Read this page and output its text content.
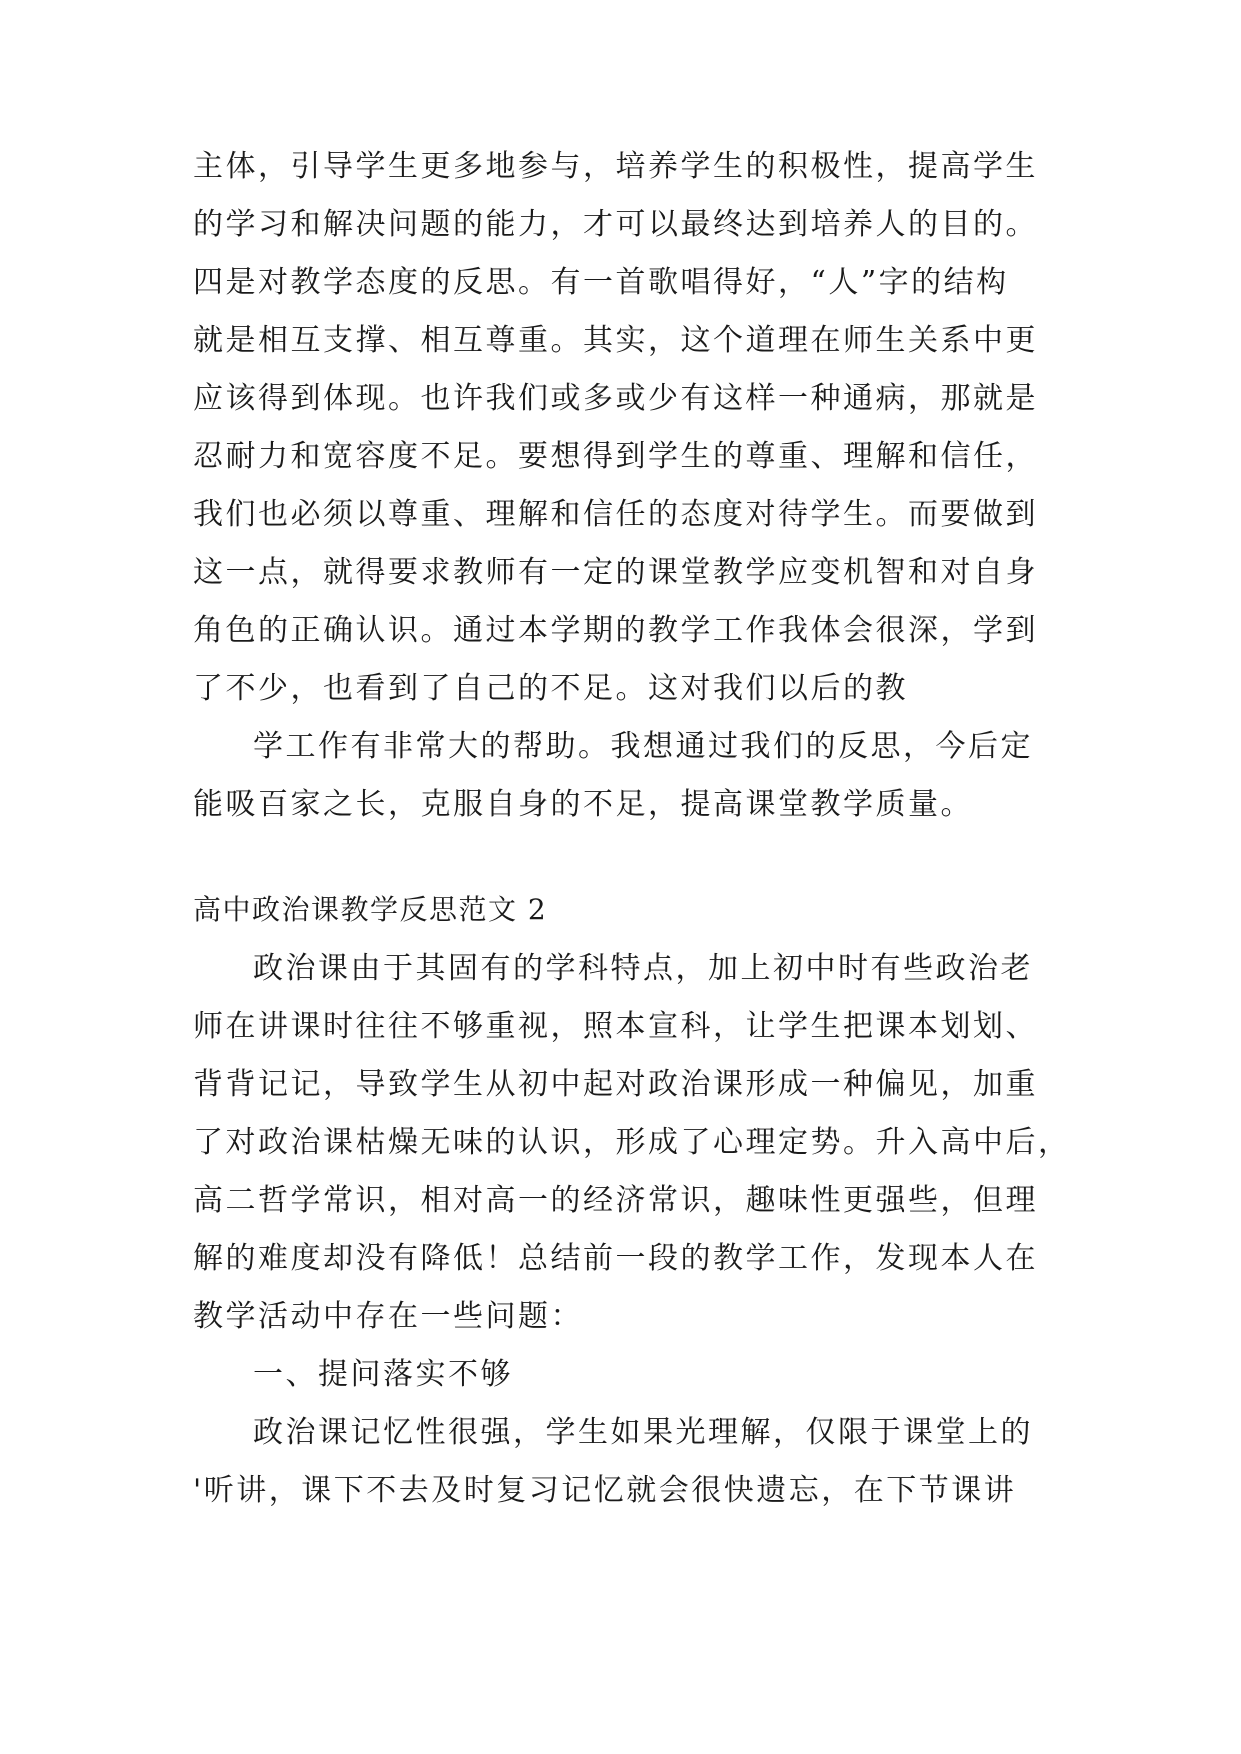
主体，引导学生更多地参与，培养学生的积极性，提高学生
的学习和解决问题的能力，才可以最终达到培养人的目的。
四是对教学态度的反思。有一首歌唱得好，“人”字的结构
就是相互支撑、相互尊重。其实，这个道理在师生关系中更
应该得到体现。也许我们或多或少有这样一种通病，那就是
忍耐力和宽容度不足。要想得到学生的尊重、理解和信任，
我们也必须以尊重、理解和信任的态度对待学生。而要做到
这一点，就得要求教师有一定的课堂教学应变机智和对自身
角色的正确认识。通过本学期的教学工作我体会很深，学到
了不少，也看到了自己的不足。这对我们以后的教
学工作有非常大的帮助。我想通过我们的反思，今后定
能吸百家之长，克服自身的不足，提高课堂教学质量。
高中政治课教学反思范文 2
政治课由于其固有的学科特点，加上初中时有些政治老
师在讲课时往往不够重视，照本宣科，让学生把课本划划、
背背记记，导致学生从初中起对政治课形成一种偏见，加重
了对政治课枯燥无味的认识，形成了心理定势。升入高中后，
高二哲学常识，相对高一的经济常识，趣味性更强些，但理
解的难度却没有降低！总结前一段的教学工作，发现本人在
教学活动中存在一些问题：
一、提问落实不够
政治课记忆性很强，学生如果光理解，仅限于课堂上的
'听讲，课下不去及时复习记忆就会很快遗忘，在下节课讲
